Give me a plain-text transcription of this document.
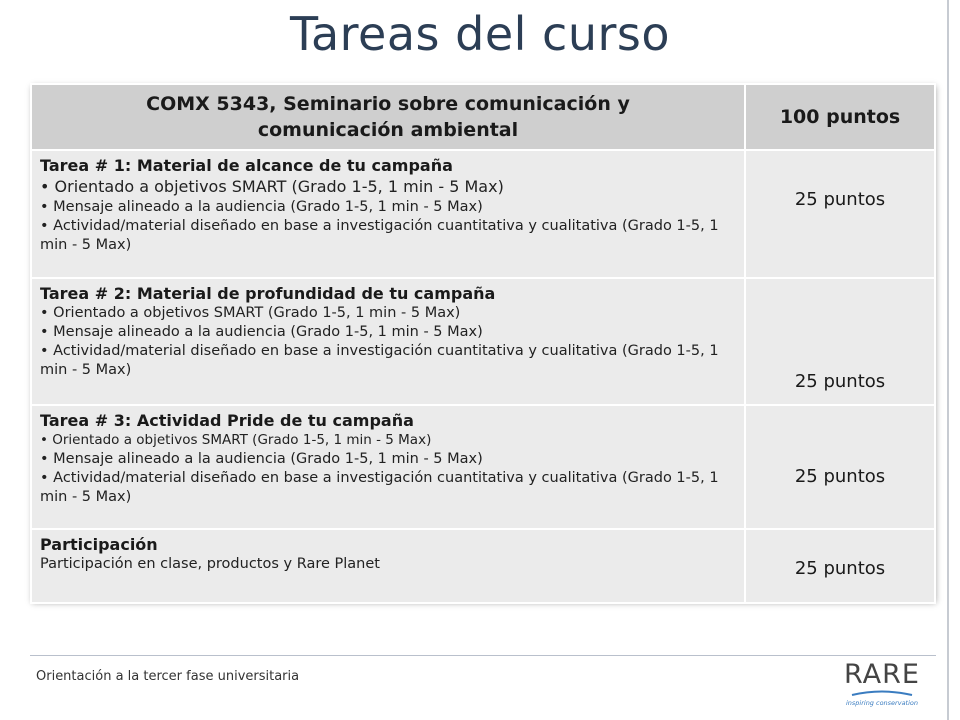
Tareas del curso
COMX 5343, Seminario sobre comunicación y comunicación ambiental	100 puntos

Tarea # 1: Material de alcance de tu campaña
• Orientado a objetivos SMART (Grado 1-5, 1 min - 5 Max)
• Mensaje alineado a la audiencia (Grado 1-5, 1 min - 5 Max)
• Actividad/material diseñado en base a investigación cuantitativa y cualitativa (Grado 1-5, 1 min - 5 Max)	25 puntos

Tarea # 2: Material de profundidad de tu campaña
• Orientado a objetivos SMART (Grado 1-5, 1 min - 5 Max)
• Mensaje alineado a la audiencia (Grado 1-5, 1 min - 5 Max)
• Actividad/material diseñado en base a investigación cuantitativa y cualitativa (Grado 1-5, 1 min - 5 Max)	25 puntos

Tarea # 3: Actividad Pride de tu campaña
• Orientado a objetivos SMART (Grado 1-5, 1 min - 5 Max)
• Mensaje alineado a la audiencia (Grado 1-5, 1 min - 5 Max)
• Actividad/material diseñado en base a investigación cuantitativa y cualitativa (Grado 1-5, 1 min - 5 Max)	25 puntos

Participación
Participación en clase, productos y Rare Planet	25 puntos
Orientación a la tercer fase universitaria	RARE
inspiring conservation
